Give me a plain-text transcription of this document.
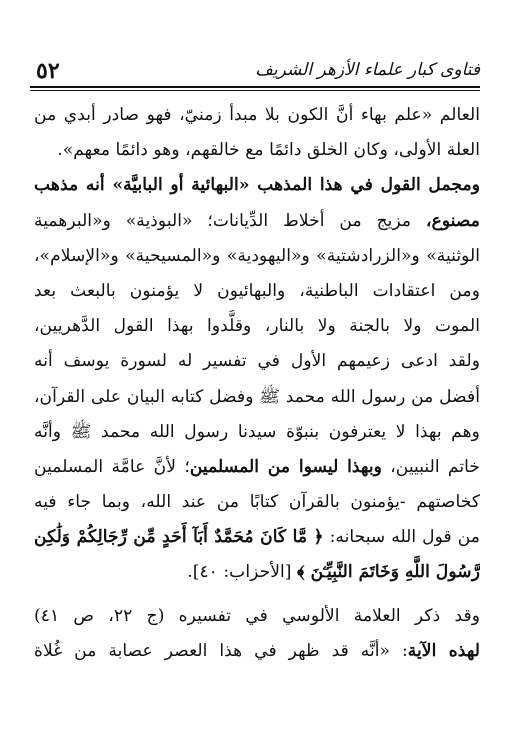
٥٢	فتاوى كبار علماء الأزهر الشريف
العالم «علم بهاء أنَّ الكون بلا مبدأ زمنيّ، فهو صادر أبدي من
العلة الأولى، وكان الخلق دائمًا مع خالقهم، وهو دائمًا معهم».
ومجمل القول في هذا المذهب «البهائية أو البابيَّة» أنه مذهب
مصنوع، مزيج من أخلاط الدِّيانات؛ «البوذية» و«البرهمية
الوثنية» و«الزرادشتية» و«اليهودية» و«المسيحية» و«الإسلام»،
ومن اعتقادات الباطنية، والبهائيون لا يؤمنون بالبعث بعد
الموت ولا بالجنة ولا بالنار، وقلَّدوا بهذا القول الدَّهريين،
ولقد ادعى زعيمهم الأول في تفسير له لسورة يوسف أنه
أفضل من رسول الله محمد ﷺ وفضل كتابه البيان على القرآن،
وهم بهذا لا يعترفون بنبوّة سيدنا رسول الله محمد ﷺ وأنَّه
خاتم النبيين، وبهذا ليسوا من المسلمين؛ لأنَّ عامَّة المسلمين
كخاصتهم -يؤمنون بالقرآن كتابًا من عند الله، وبما جاء فيه
من قول الله سبحانه: ﴿ مَّا كَانَ مُحَمَّدٌ أَبَآ أَحَدٍ مِّن رِّجَالِكُمْ وَلَٰكِن
رَّسُولَ اللَّهِ وَخَاتَمَ النَّبِيِّـۧنَ ﴾ [الأحزاب: ٤٠].
وقد ذكر العلامة الألوسي في تفسيره (ج ٢٢، ص ٤١)
لهذه الآية: «أنَّه قد ظهر في هذا العصر عصابة من غُلاة
